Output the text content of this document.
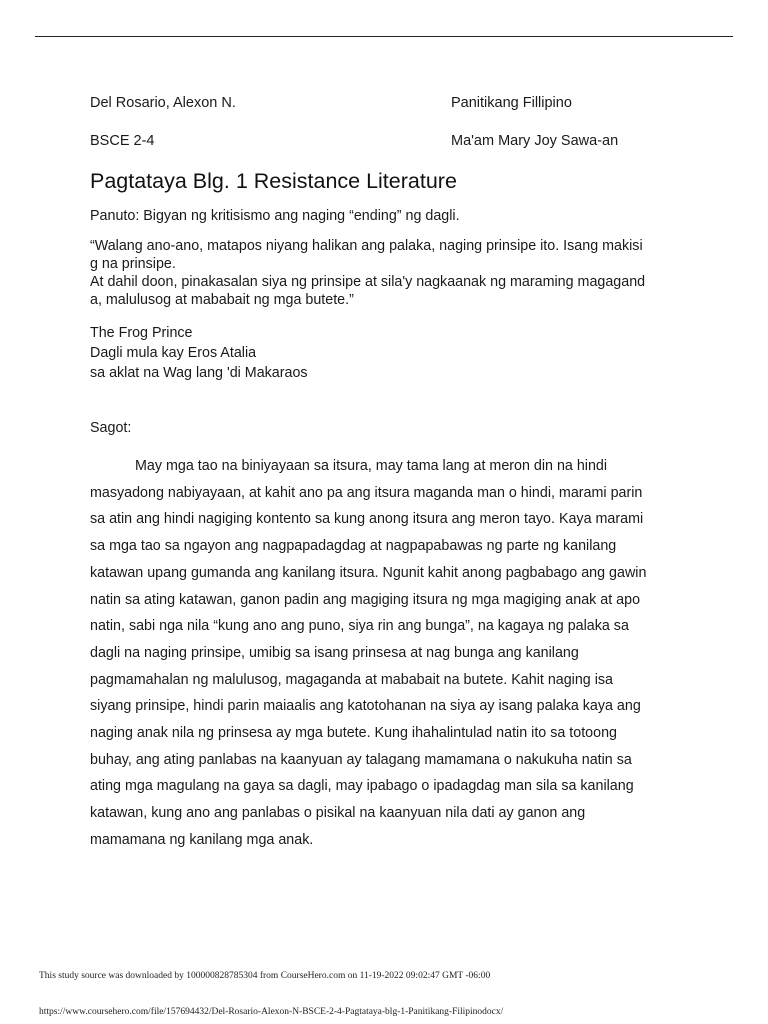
Del Rosario, Alexon N.	Panitikang Fillipino
BSCE 2-4	Ma'am Mary Joy Sawa-an
Pagtataya Blg. 1 Resistance Literature
Panuto: Bigyan ng kritisismo ang naging “ending” ng dagli.
“Walang ano-ano, matapos niyang halikan ang palaka, naging prinsipe ito. Isang makisi
g na prinsipe.
At dahil doon, pinakasalan siya ng prinsipe at sila'y nagkaanak ng maraming magagand
a, malulusog at mababait ng mga butete.”
The Frog Prince
Dagli mula kay Eros Atalia
sa aklat na Wag lang 'di Makaraos
Sagot:
May mga tao na biniyayaan sa itsura, may tama lang at meron din na hindi
masyadong nabiyayaan, at kahit ano pa ang itsura maganda man o hindi, marami parin
sa atin ang hindi nagiging kontento sa kung anong itsura ang meron tayo. Kaya marami
sa mga tao sa ngayon ang nagpapadagdag at nagpapabawas ng parte ng kanilang
katawan upang gumanda ang kanilang itsura. Ngunit kahit anong pagbabago ang gawin
natin sa ating katawan, ganon padin ang magiging itsura ng mga magiging anak at apo
natin, sabi nga nila “kung ano ang puno, siya rin ang bunga”, na kagaya ng palaka sa
dagli na naging prinsipe, umibig sa isang prinsesa at nag bunga ang kanilang
pagmamahalan ng malulusog, magaganda at mababait na butete. Kahit naging isa
siyang prinsipe, hindi parin maiaalis ang katotohanan na siya ay isang palaka kaya ang
naging anak nila ng prinsesa ay mga butete. Kung ihahalintulad natin ito sa totoong
buhay, ang ating panlabas na kaanyuan ay talagang mamamana o nakukuha natin sa
ating mga magulang na gaya sa dagli, may ipabago o ipadagdag man sila sa kanilang
katawan, kung ano ang panlabas o pisikal na kaanyuan nila dati ay ganon ang
mamamana ng kanilang mga anak.
This study source was downloaded by 100000828785304 from CourseHero.com on 11-19-2022 09:02:47 GMT -06:00
https://www.coursehero.com/file/157694432/Del-Rosario-Alexon-N-BSCE-2-4-Pagtataya-blg-1-Panitikang-Filipinodocx/
